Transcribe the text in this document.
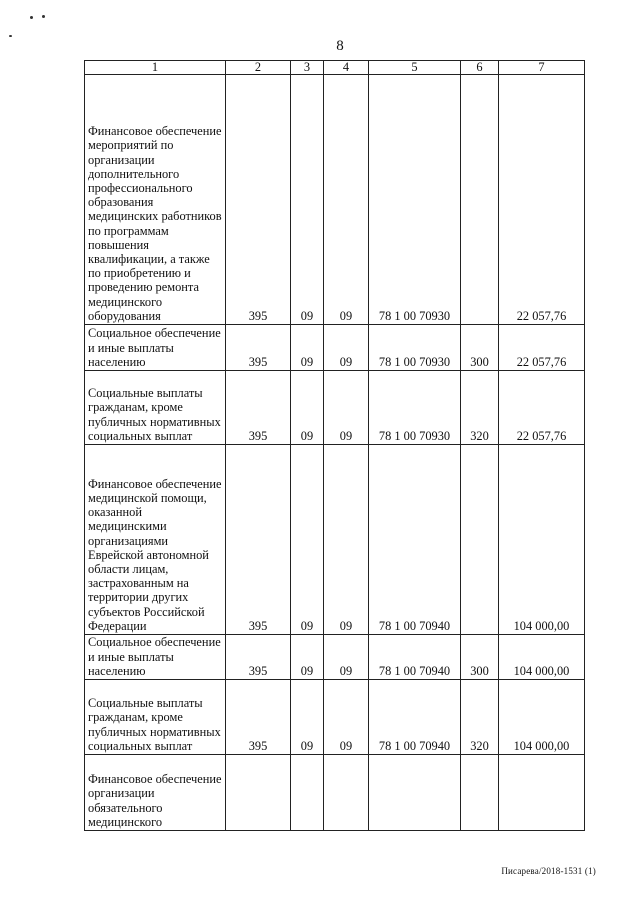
8
1	2	3	4	5	6	7
Финансовое обеспечение мероприятий по организации дополнительного профессионального образования медицинских работников по программам повышения квалификации, а также по приобретению и проведению ремонта медицинского оборудования	395	09	09	78 1 00 70930		22 057,76
Социальное обеспечение и иные выплаты населению	395	09	09	78 1 00 70930	300	22 057,76
Социальные выплаты гражданам, кроме публичных нормативных социальных выплат	395	09	09	78 1 00 70930	320	22 057,76
Финансовое обеспечение медицинской помощи, оказанной медицинскими организациями Еврейской автономной области лицам, застрахованным на территории других субъектов Российской Федерации	395	09	09	78 1 00 70940		104 000,00
Социальное обеспечение и иные выплаты населению	395	09	09	78 1 00 70940	300	104 000,00
Социальные выплаты гражданам, кроме публичных нормативных социальных выплат	395	09	09	78 1 00 70940	320	104 000,00
Финансовое обеспечение организации обязательного медицинского						
Писарева/2018-1531 (1)
